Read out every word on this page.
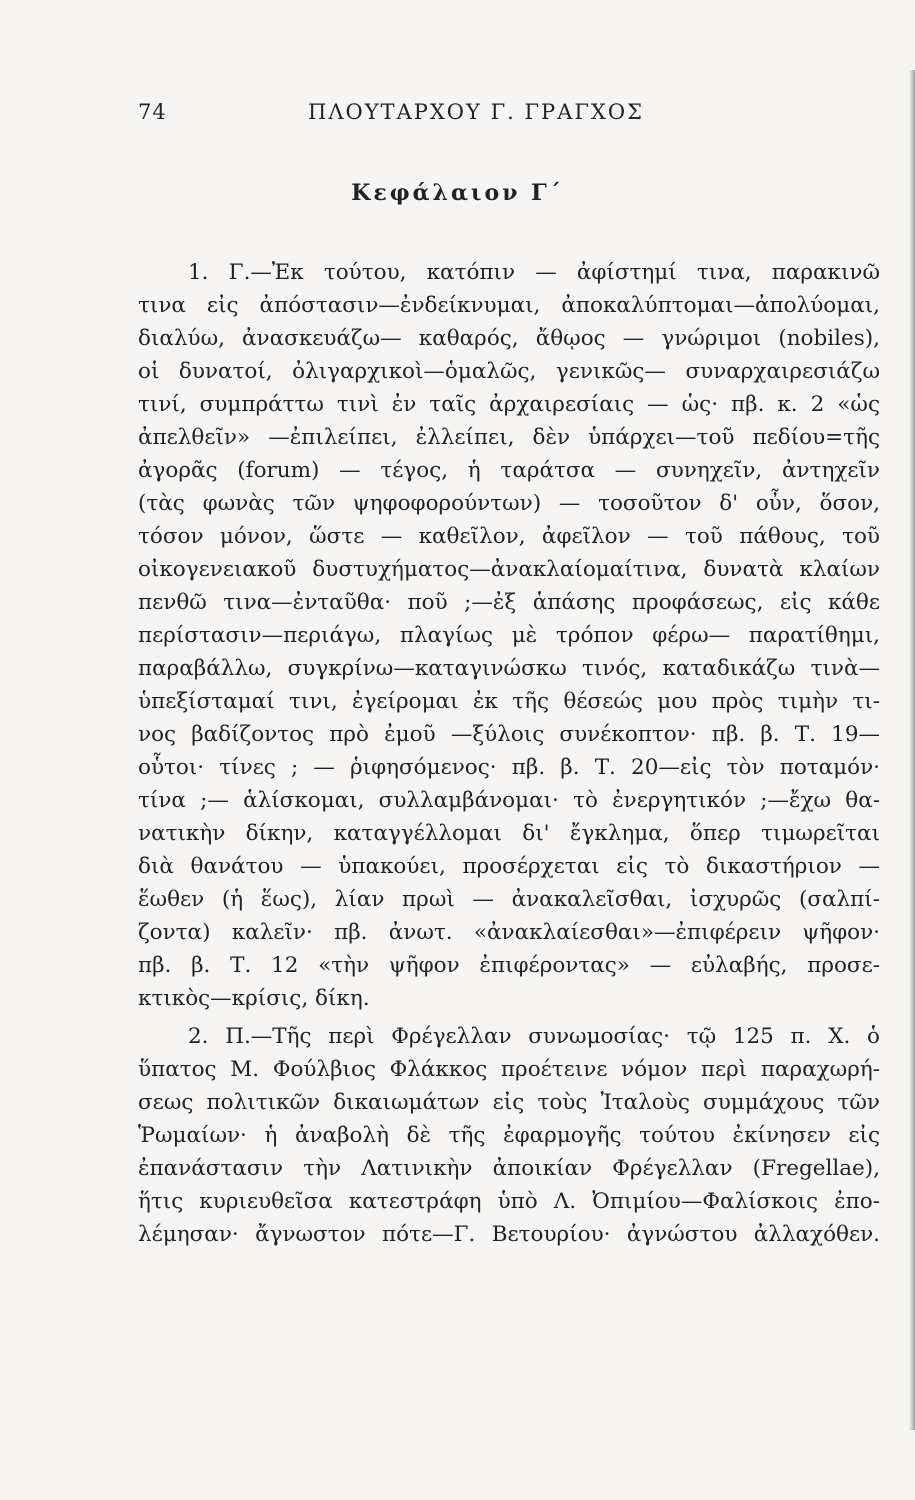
74	ΠΛΟΥΤΑΡΧΟΥ Γ. ΓΡΑΓΧΟΣ
Κεφάλαιον Γ΄
1. Γ.—Ἐκ τούτου, κατόπιν — ἀφίστημί τινα, παρακινῶ
τινα εἰς ἀπόστασιν—ἐνδείκνυμαι, ἀποκαλύπτομαι—ἀπολύομαι,
διαλύω, ἀνασκευάζω— καθαρός, ἄθῳος — γνώριμοι (nobiles),
οἱ δυνατοί, ὀλιγαρχικοὶ—ὁμαλῶς, γενικῶς— συναρχαιρεσιάζω
τινί, συμπράττω τινὶ ἐν ταῖς ἀρχαιρεσίαις — ὡς· πβ. κ. 2 «ὡς
ἀπελθεῖν» —ἐπιλείπει, ἐλλείπει, δὲν ὑπάρχει—τοῦ πεδίου=τῆς
ἀγορᾶς (forum) — τέγος, ἡ ταράτσα — συνηχεῖν, ἀντηχεῖν
(τὰς φωνὰς τῶν ψηφοφορούντων) — τοσοῦτον δ' οὖν, ὅσον,
τόσον μόνον, ὥστε — καθεῖλον, ἀφεῖλον — τοῦ πάθους, τοῦ
οἰκογενειακοῦ δυστυχήματος—ἀνακλαίομαίτινα, δυνατὰ κλαίων
πενθῶ τινα—ἐνταῦθα· ποῦ ;—ἐξ ἁπάσης προφάσεως, εἰς κάθε
περίστασιν—περιάγω, πλαγίως μὲ τρόπον φέρω— παρατίθημι,
παραβάλλω, συγκρίνω—καταγινώσκω τινός, καταδικάζω τινὰ—
ὑπεξίσταμαί τινι, ἐγείρομαι ἐκ τῆς θέσεώς μου πρὸς τιμὴν τι-
νος βαδίζοντος πρὸ ἐμοῦ —ξύλοις συνέκοπτον· πβ. β. Τ. 19—
οὗτοι· τίνες ; — ῥιφησόμενος· πβ. β. Τ. 20—εἰς τὸν ποταμόν·
τίνα ;— ἁλίσκομαι, συλλαμβάνομαι· τὸ ἐνεργητικόν ;—ἔχω θα-
νατικὴν δίκην, καταγγέλλομαι δι' ἔγκλημα, ὅπερ τιμωρεῖται
διὰ θανάτου — ὑπακούει, προσέρχεται εἰς τὸ δικαστήριον —
ἕωθεν (ἡ ἕως), λίαν πρωὶ — ἀνακαλεῖσθαι, ἰσχυρῶς (σαλπί-
ζοντα) καλεῖν· πβ. ἀνωτ. «ἀνακλαίεσθαι»—ἐπιφέρειν ψῆφον·
πβ. β. Τ. 12 «τὴν ψῆφον ἐπιφέροντας» — εὐλαβής, προσε-
κτικὸς—κρίσις, δίκη.
2. Π.—Τῆς περὶ Φρέγελλαν συνωμοσίας· τῷ 125 π. Χ. ὁ
ὕπατος Μ. Φούλβιος Φλάκκος προέτεινε νόμον περὶ παραχωρή-
σεως πολιτικῶν δικαιωμάτων εἰς τοὺς Ἰταλοὺς συμμάχους τῶν
Ῥωμαίων· ἡ ἀναβολὴ δὲ τῆς ἐφαρμογῆς τούτου ἐκίνησεν εἰς
ἐπανάστασιν τὴν Λατινικὴν ἀποικίαν Φρέγελλαν (Fregellae),
ἥτις κυριευθεῖσα κατεστράφη ὑπὸ Λ. Ὀπιμίου—Φαλίσκοις ἐπο-
λέμησαν· ἄγνωστον πότε—Γ. Βετουρίου· ἀγνώστου ἀλλαχόθεν.
